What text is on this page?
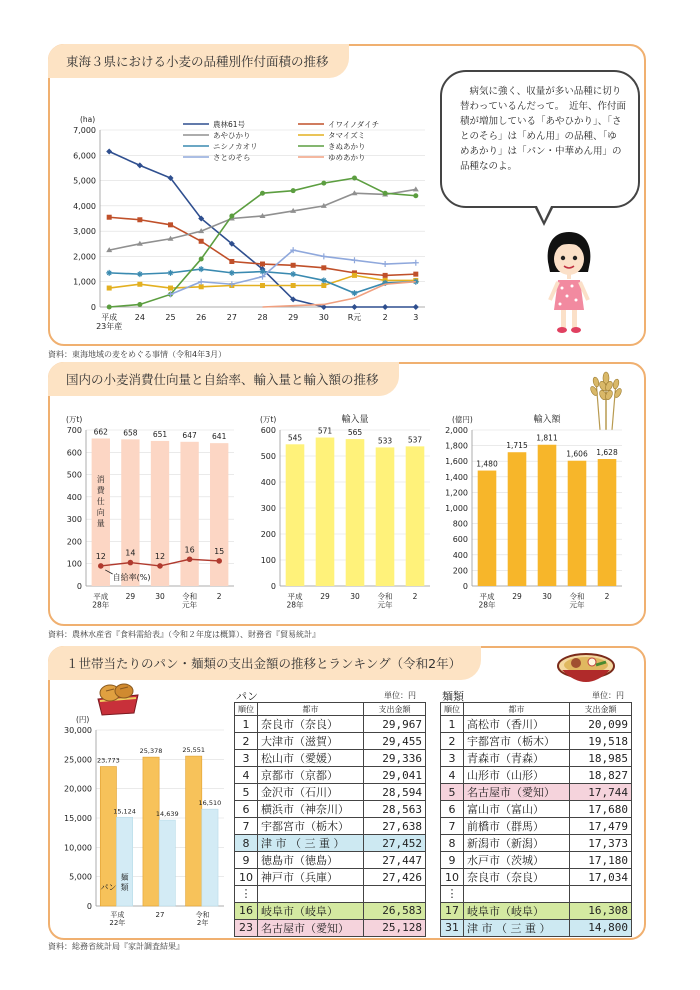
東海３県における小麦の品種別作付面積の推移
7,000
6,000
5,000
4,000
3,000
2,000
1,000
0
(ha)
平成 23年産
24	25	26	27	28	29	30 R元	2	3
農林61号	イワイノダイチ
あやひかり	タマイズミ
ニシノカオリ	きぬあかり
さとのそら	ゆめあかり
　病気に強く、収量が多い品種に切り替わっているんだって。　近年、作付面積が増加している「あやひかり」、「さとのそら」は「めん用」の品種、「ゆめあかり」は「パン・中華めん用」の品種なのよ。
資料：東海地域の麦をめぐる事情（令和4年3月）
国内の小麦消費仕向量と自給率、輸入量と輸入額の推移
700
600
500
400
300
200
100
0
(万t)
662
平成 28年
658
29
651
30
647
令和元年
641
2
12 14 12
16 15
消費仕向量
自給率(%)
600
500
400
300
200
100
0
(万t)	輸入量
545
平成 28年
571
29
565
30
533
令和元年
537
2
2,000
1,800
1,600
1,400
1,200
1,000
800
600
400
200
0
(億円)	輸入額
1,480
平成 28年
1,715
29
1,811
30
1,606
令和元年
1,628
2
資料：農林水産省『食料需給表』（令和２年度は概算）、財務省『貿易統計』
１世帯当たりのパン・麺類の支出金額の推移とランキング（令和2年）
30,000
25,000
20,000
15,000
10,000
5,000
0
(円)
23,773
25,378	25,551
15,124	14,639
16,510
平成 22年
27	令和 2年
パン
麺類
パン	単位：円
順位	都市	支出金額
1	奈良市（奈良）	29,967
2	大津市（滋賀）	29,455
3	松山市（愛媛）	29,336
4	京都市（京都）	29,041
5	金沢市（石川）	28,594
6	横浜市（神奈川）	28,563
7	宇都宮市（栃木）	27,638
8	津 市 （ 三 重 ）	27,452
9	徳島市（徳島）	27,447
10	神戸市（兵庫）	27,426
⋮		
16	岐阜市（岐阜）	26,583
23	名古屋市（愛知）	25,128
麺類	単位：円
順位	都市	支出金額
1	高松市（香川）	20,099
2	宇都宮市（栃木）	19,518
3	青森市（青森）	18,985
4	山形市（山形）	18,827
5	名古屋市（愛知）	17,744
6	富山市（富山）	17,680
7	前橋市（群馬）	17,479
8	新潟市（新潟）	17,373
9	水戸市（茨城）	17,180
10	奈良市（奈良）	17,034
⋮		
17	岐阜市（岐阜）	16,308
31	津 市 （ 三 重 ）	14,800
資料：総務省統計局『家計調査結果』
